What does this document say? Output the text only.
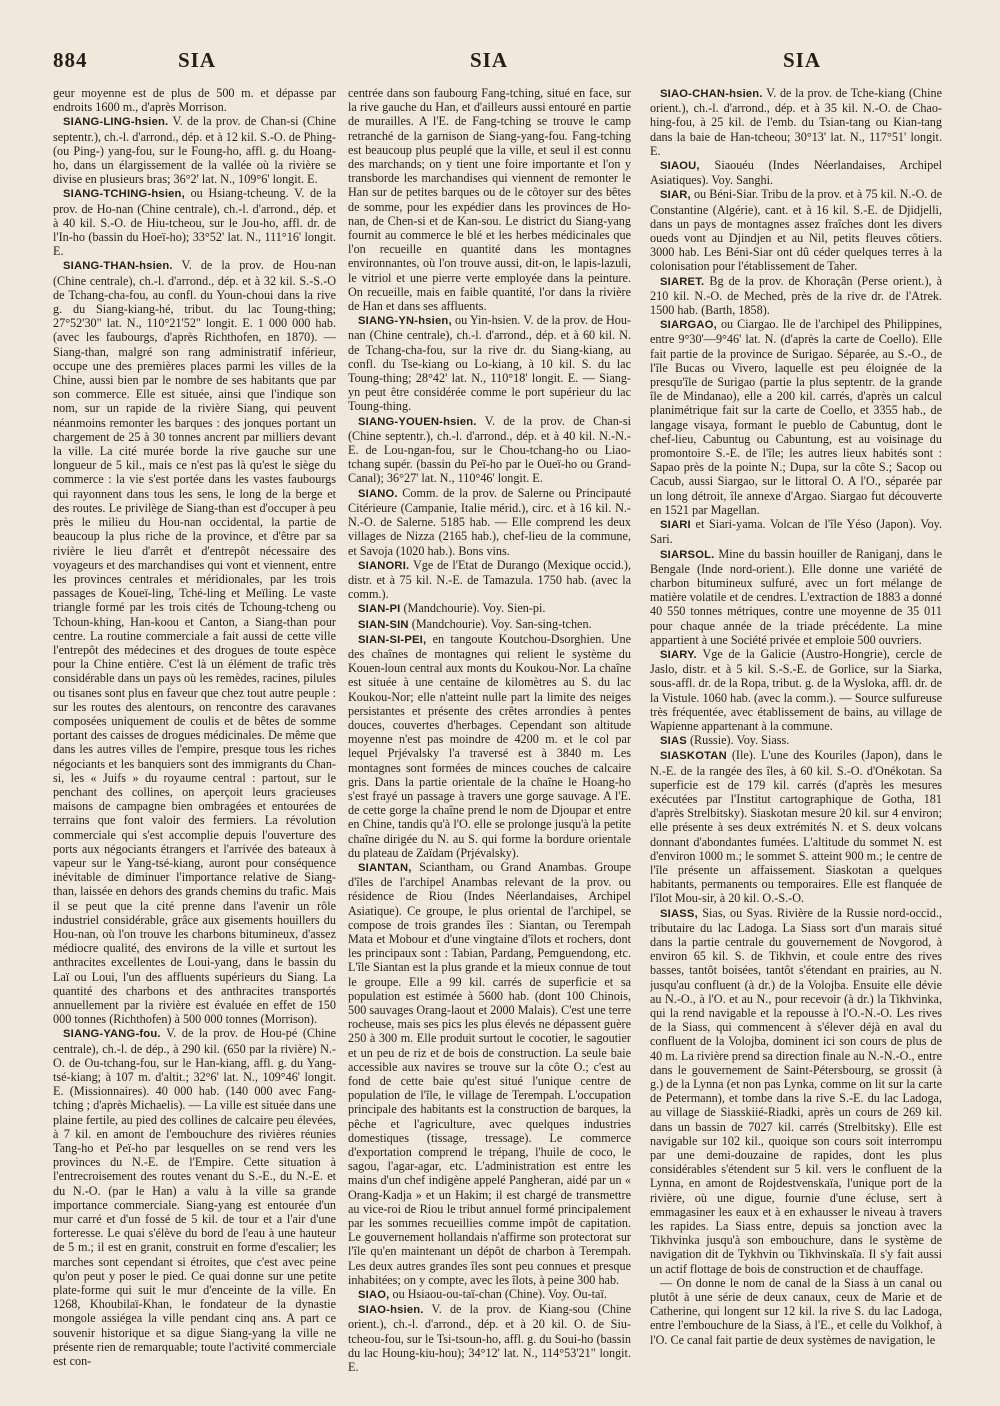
884	SIA	SIA	SIA

geur moyenne est de plus de 500 m. et dépasse par endroits 1600 m., d'après Morrison.

SIANG-LING-hsien. V. de la prov. de Chan-si (Chine septentr.), ch.-l. d'arrond., dép. et à 12 kil. S.-O. de Phing- (ou Ping-) yang-fou, sur le Foung-ho, affl. g. du Hoang-ho, dans un élargissement de la vallée où la rivière se divise en plusieurs bras; 36°2' lat. N., 109°6' longit. E.

SIANG-TCHING-hsien, ou Hsiang-tcheung. V. de la prov. de Ho-nan (Chine centrale), ch.-l. d'arrond., dép. et à 40 kil. S.-O. de Hiu-tcheou, sur le Jou-ho, affl. dr. de l'In-ho (bassin du Hoeï-ho); 33°52' lat. N., 111°16' longit. E.

SIANG-THAN-hsien. V. de la prov. de Hou-nan (Chine centrale), ch.-l. d'arrond., dép. et à 32 kil. S.-S.-O de Tchang-cha-fou, au confl. du Youn-choui dans la rive g. du Siang-kiang-hé, tribut. du lac Toung-thing; 27°52'30" lat. N., 110°21'52" longit. E. 1 000 000 hab. (avec les faubourgs, d'après Richthofen, en 1870). — Siang-than, malgré son rang administratif inférieur, occupe une des premières places parmi les villes de la Chine, aussi bien par le nombre de ses habitants que par son commerce. Elle est située, ainsi que l'indique son nom, sur un rapide de la rivière Siang, qui peuvent néanmoins remonter les barques : des jonques portant un chargement de 25 à 30 tonnes ancrent par milliers devant la ville. La cité murée borde la rive gauche sur une longueur de 5 kil., mais ce n'est pas là qu'est le siège du commerce : la vie s'est portée dans les vastes faubourgs qui rayonnent dans tous les sens, le long de la berge et des routes. Le privilège de Siang-than est d'occuper à peu près le milieu du Hou-nan occidental, la partie de beaucoup la plus riche de la province, et d'être par sa rivière le lieu d'arrêt et d'entrepôt nécessaire des voyageurs et des marchandises qui vont et viennent, entre les provinces centrales et méridionales, par les trois passages de Koueï-ling, Tché-ling et Meïling. Le vaste triangle formé par les trois cités de Tchoung-tcheng ou Tchoun-khing, Han-koou et Canton, a Siang-than pour centre. La routine commerciale a fait aussi de cette ville l'entrepôt des médecines et des drogues de toute espèce pour la Chine entière. C'est là un élément de trafic très considérable dans un pays où les remèdes, racines, pilules ou tisanes sont plus en faveur que chez tout autre peuple : sur les routes des alentours, on rencontre des caravanes composées uniquement de coulis et de bêtes de somme portant des caisses de drogues médicinales. De même que dans les autres villes de l'empire, presque tous les riches négociants et les banquiers sont des immigrants du Chan-si, les « Juifs » du royaume central : partout, sur le penchant des collines, on aperçoit leurs gracieuses maisons de campagne bien ombragées et entourées de terrains que font valoir des fermiers. La révolution commerciale qui s'est accomplie depuis l'ouverture des ports aux négociants étrangers et l'arrivée des bateaux à vapeur sur le Yang-tsé-kiang, auront pour conséquence inévitable de diminuer l'importance relative de Siang-than, laissée en dehors des grands chemins du trafic. Mais il se peut que la cité prenne dans l'avenir un rôle industriel considérable, grâce aux gisements houillers du Hou-nan, où l'on trouve les charbons bitumineux, d'assez médiocre qualité, des environs de la ville et surtout les anthracites excellentes de Loui-yang, dans le bassin du Laï ou Loui, l'un des affluents supérieurs du Siang. La quantité des charbons et des anthracites transportés annuellement par la rivière est évaluée en effet de 150 000 tonnes (Richthofen) à 500 000 tonnes (Morrison).

SIANG-YANG-fou. V. de la prov. de Hou-pé (Chine centrale), ch.-l. de dép., à 290 kil. (650 par la rivière) N.-O. de Ou-tchang-fou, sur le Han-kiang, affl. g. du Yang-tsé-kiang; à 107 m. d'altit.; 32°6' lat. N., 109°46' longit. E. (Missionnaires). 40 000 hab. (140 000 avec Fang-tching ; d'après Michaelis). — La ville est située dans une plaine fertile, au pied des collines de calcaire peu élevées, à 7 kil. en amont de l'embouchure des rivières réunies Tang-ho et Peï-ho par lesquelles on se rend vers les provinces du N.-E. de l'Empire. Cette situation à l'entrecroisement des routes venant du S.-E., du N.-E. et du N.-O. (par le Han) a valu à la ville sa grande importance commerciale. Siang-yang est entourée d'un mur carré et d'un fossé de 5 kil. de tour et a l'air d'une forteresse. Le quai s'élève du bord de l'eau à une hauteur de 5 m.; il est en granit, construit en forme d'escalier; les marches sont cependant si étroites, que c'est avec peine qu'on peut y poser le pied. Ce quai donne sur une petite plate-forme qui suit le mur d'enceinte de la ville. En 1268, Khoubilaï-Khan, le fondateur de la dynastie mongole assiégea la ville pendant cinq ans. A part ce souvenir historique et sa digue Siang-yang la ville ne présente rien de remarquable; toute l'activité commerciale est con-

centrée dans son faubourg Fang-tching, situé en face, sur la rive gauche du Han, et d'ailleurs aussi entouré en partie de murailles. A l'E. de Fang-tching se trouve le camp retranché de la garnison de Siang-yang-fou. Fang-tching est beaucoup plus peuplé que la ville, et seul il est connu des marchands; on y tient une foire importante et l'on y transborde les marchandises qui viennent de remonter le Han sur de petites barques ou de le côtoyer sur des bêtes de somme, pour les expédier dans les provinces de Ho-nan, de Chen-si et de Kan-sou. Le district du Siang-yang fournit au commerce le blé et les herbes médicinales que l'on recueille en quantité dans les montagnes environnantes, où l'on trouve aussi, dit-on, le lapis-lazuli, le vitriol et une pierre verte employée dans la peinture. On recueille, mais en faible quantité, l'or dans la rivière de Han et dans ses affluents.

SIANG-YN-hsien, ou Yin-hsien. V. de la prov. de Hou-nan (Chine centrale), ch.-l. d'arrond., dép. et à 60 kil. N. de Tchang-cha-fou, sur la rive dr. du Siang-kiang, au confl. du Tse-kiang ou Lo-kiang, à 10 kil. S. du lac Toung-thing; 28°42' lat. N., 110°18' longit. E. — Siang-yn peut être considérée comme le port supérieur du lac Toung-thing.

SIANG-YOUEN-hsien. V. de la prov. de Chan-si (Chine septentr.), ch.-l. d'arrond., dép. et à 40 kil. N.-N.-E. de Lou-ngan-fou, sur le Chou-tchang-ho ou Liao-tchang supér. (bassin du Peï-ho par le Oueï-ho ou Grand-Canal); 36°27' lat. N., 110°46' longit. E.

SIANO. Comm. de la prov. de Salerne ou Principauté Citérieure (Campanie, Italie mérid.), circ. et à 16 kil. N.-N.-O. de Salerne. 5185 hab. — Elle comprend les deux villages de Nizza (2165 hab.), chef-lieu de la commune, et Savoja (1020 hab.). Bons vins.

SIANORI. Vge de l'Etat de Durango (Mexique occid.), distr. et à 75 kil. N.-E. de Tamazula. 1750 hab. (avec la comm.).

SIAN-PI (Mandchourie). Voy. Sien-pi.

SIAN-SIN (Mandchourie). Voy. San-sing-tchen.

SIAN-SI-PEI, en tangoute Koutchou-Dsorghien. Une des chaînes de montagnes qui relient le système du Kouen-loun central aux monts du Koukou-Nor. La chaîne est située à une centaine de kilomètres au S. du lac Koukou-Nor; elle n'atteint nulle part la limite des neiges persistantes et présente des crêtes arrondies à pentes douces, couvertes d'herbages. Cependant son altitude moyenne n'est pas moindre de 4200 m. et le col par lequel Prjévalsky l'a traversé est à 3840 m. Les montagnes sont formées de minces couches de calcaire gris. Dans la partie orientale de la chaîne le Hoang-ho s'est frayé un passage à travers une gorge sauvage. A l'E. de cette gorge la chaîne prend le nom de Djoupar et entre en Chine, tandis qu'à l'O. elle se prolonge jusqu'à la petite chaîne dirigée du N. au S. qui forme la bordure orientale du plateau de Zaïdam (Prjévalsky).

SIANTAN, Sciantham, ou Grand Anambas. Groupe d'îles de l'archipel Anambas relevant de la prov. ou résidence de Riou (Indes Néerlandaises, Archipel Asiatique). Ce groupe, le plus oriental de l'archipel, se compose de trois grandes îles : Siantan, ou Terempah Mata et Mobour et d'une vingtaine d'îlots et rochers, dont les principaux sont : Tabian, Pardang, Pemguendong, etc. L'île Siantan est la plus grande et la mieux connue de tout le groupe. Elle a 99 kil. carrés de superficie et sa population est estimée à 5600 hab. (dont 100 Chinois, 500 sauvages Orang-laout et 2000 Malais). C'est une terre rocheuse, mais ses pics les plus élevés ne dépassent guère 250 à 300 m. Elle produit surtout le cocotier, le sagoutier et un peu de riz et de bois de construction. La seule baie accessible aux navires se trouve sur la côte O.; c'est au fond de cette baie qu'est situé l'unique centre de population de l'île, le village de Terempah. L'occupation principale des habitants est la construction de barques, la pêche et l'agriculture, avec quelques industries domestiques (tissage, tressage). Le commerce d'exportation comprend le trépang, l'huile de coco, le sagou, l'agar-agar, etc. L'administration est entre les mains d'un chef indigène appelé Pangheran, aidé par un « Orang-Kadja » et un Hakim; il est chargé de transmettre au vice-roi de Riou le tribut annuel formé principalement par les sommes recueillies comme impôt de capitation. Le gouvernement hollandais n'affirme son protectorat sur l'île qu'en maintenant un dépôt de charbon à Terempah. Les deux autres grandes îles sont peu connues et presque inhabitées; on y compte, avec les îlots, à peine 300 hab.

SIAO, ou Hsiaou-ou-taï-chan (Chine). Voy. Ou-taï.

SIAO-hsien. V. de la prov. de Kiang-sou (Chine orient.), ch.-l. d'arrond., dép. et à 20 kil. O. de Siu-tcheou-fou, sur le Tsi-tsoun-ho, affl. g. du Soui-ho (bassin du lac Houng-kiu-hou); 34°12' lat. N., 114°53'21" longit. E.

SIAO-CHAN-hsien. V. de la prov. de Tche-kiang (Chine orient.), ch.-l. d'arrond., dép. et à 35 kil. N.-O. de Chao-hing-fou, à 25 kil. de l'emb. du Tsian-tang ou Kian-tang dans la baie de Han-tcheou; 30°13' lat. N., 117°51' longit. E.

SIAOU, Siaouéu (Indes Néerlandaises, Archipel Asiatiques). Voy. Sanghi.

SIAR, ou Béni-Siar. Tribu de la prov. et à 75 kil. N.-O. de Constantine (Algérie), cant. et à 16 kil. S.-E. de Djidjelli, dans un pays de montagnes assez fraîches dont les divers oueds vont au Djindjen et au Nil, petits fleuves côtiers. 3000 hab. Les Béni-Siar ont dû céder quelques terres à la colonisation pour l'établissement de Taher.

SIARET. Bg de la prov. de Khoraçân (Perse orient.), à 210 kil. N.-O. de Meched, près de la rive dr. de l'Atrek. 1500 hab. (Barth, 1858).

SIARGAO, ou Ciargao. Ile de l'archipel des Philippines, entre 9°30'—9°46' lat. N. (d'après la carte de Coello). Elle fait partie de la province de Surigao. Séparée, au S.-O., de l'île Bucas ou Vivero, laquelle est peu éloignée de la presqu'île de Surigao (partie la plus septentr. de la grande île de Mindanao), elle a 200 kil. carrés, d'après un calcul planimétrique fait sur la carte de Coello, et 3355 hab., de langage visaya, formant le pueblo de Cabuntug, dont le chef-lieu, Cabuntug ou Cabuntung, est au voisinage du promontoire S.-E. de l'île; les autres lieux habités sont : Sapao près de la pointe N.; Dupa, sur la côte S.; Sacop ou Cacub, aussi Siargao, sur le littoral O. A l'O., séparée par un long détroit, île annexe d'Argao. Siargao fut découverte en 1521 par Magellan.

SIARI et Siari-yama. Volcan de l'île Yéso (Japon). Voy. Sari.

SIARSOL. Mine du bassin houiller de Raniganj, dans le Bengale (Inde nord-orient.). Elle donne une variété de charbon bitumineux sulfuré, avec un fort mélange de matière volatile et de cendres. L'extraction de 1883 a donné 40 550 tonnes métriques, contre une moyenne de 35 011 pour chaque année de la triade précédente. La mine appartient à une Société privée et emploie 500 ouvriers.

SIARY. Vge de la Galicie (Austro-Hongrie), cercle de Jaslo, distr. et à 5 kil. S.-S.-E. de Gorlice, sur la Siarka, sous-affl. dr. de la Ropa, tribut. g. de la Wysloka, affl. dr. de la Vistule. 1060 hab. (avec la comm.). — Source sulfureuse très fréquentée, avec établissement de bains, au village de Wapienne appartenant à la commune.

SIAS (Russie). Voy. Siass.

SIASKOTAN (Ile). L'une des Kouriles (Japon), dans le N.-E. de la rangée des îles, à 60 kil. S.-O. d'Onékotan. Sa superficie est de 179 kil. carrés (d'après les mesures exécutées par l'Institut cartographique de Gotha, 181 d'après Strelbitsky). Siaskotan mesure 20 kil. sur 4 environ; elle présente à ses deux extrémités N. et S. deux volcans donnant d'abondantes fumées. L'altitude du sommet N. est d'environ 1000 m.; le sommet S. atteint 900 m.; le centre de l'île présente un affaissement. Siaskotan a quelques habitants, permanents ou temporaires. Elle est flanquée de l'îlot Mou-sir, à 20 kil. O.-S.-O.

SIASS, Sias, ou Syas. Rivière de la Russie nord-occid., tributaire du lac Ladoga. La Siass sort d'un marais situé dans la partie centrale du gouvernement de Novgorod, à environ 65 kil. S. de Tikhvin, et coule entre des rives basses, tantôt boisées, tantôt s'étendant en prairies, au N. jusqu'au confluent (à dr.) de la Volojba. Ensuite elle dévie au N.-O., à l'O. et au N., pour recevoir (à dr.) la Tikhvinka, qui la rend navigable et la repousse à l'O.-N.-O. Les rives de la Siass, qui commencent à s'élever déjà en aval du confluent de la Volojba, dominent ici son cours de plus de 40 m. La rivière prend sa direction finale au N.-N.-O., entre dans le gouvernement de Saint-Pétersbourg, se grossit (à g.) de la Lynna (et non pas Lynka, comme on lit sur la carte de Petermann), et tombe dans la rive S.-E. du lac Ladoga, au village de Siasskiié-Riadki, après un cours de 269 kil. dans un bassin de 7027 kil. carrés (Strelbitsky). Elle est navigable sur 102 kil., quoique son cours soit interrompu par une demi-douzaine de rapides, dont les plus considérables s'étendent sur 5 kil. vers le confluent de la Lynna, en amont de Rojdestvenskaïa, l'unique port de la rivière, où une digue, fournie d'une écluse, sert à emmagasiner les eaux et à en exhausser le niveau à travers les rapides. La Siass entre, depuis sa jonction avec la Tikhvinka jusqu'à son embouchure, dans le système de navigation dit de Tykhvin ou Tikhvinskaïa. Il s'y fait aussi un actif flottage de bois de construction et de chauffage.

— On donne le nom de canal de la Siass à un canal ou plutôt à une série de deux canaux, ceux de Marie et de Catherine, qui longent sur 12 kil. la rive S. du lac Ladoga, entre l'embouchure de la Siass, à l'E., et celle du Volkhof, à l'O. Ce canal fait partie de deux systèmes de navigation, le
